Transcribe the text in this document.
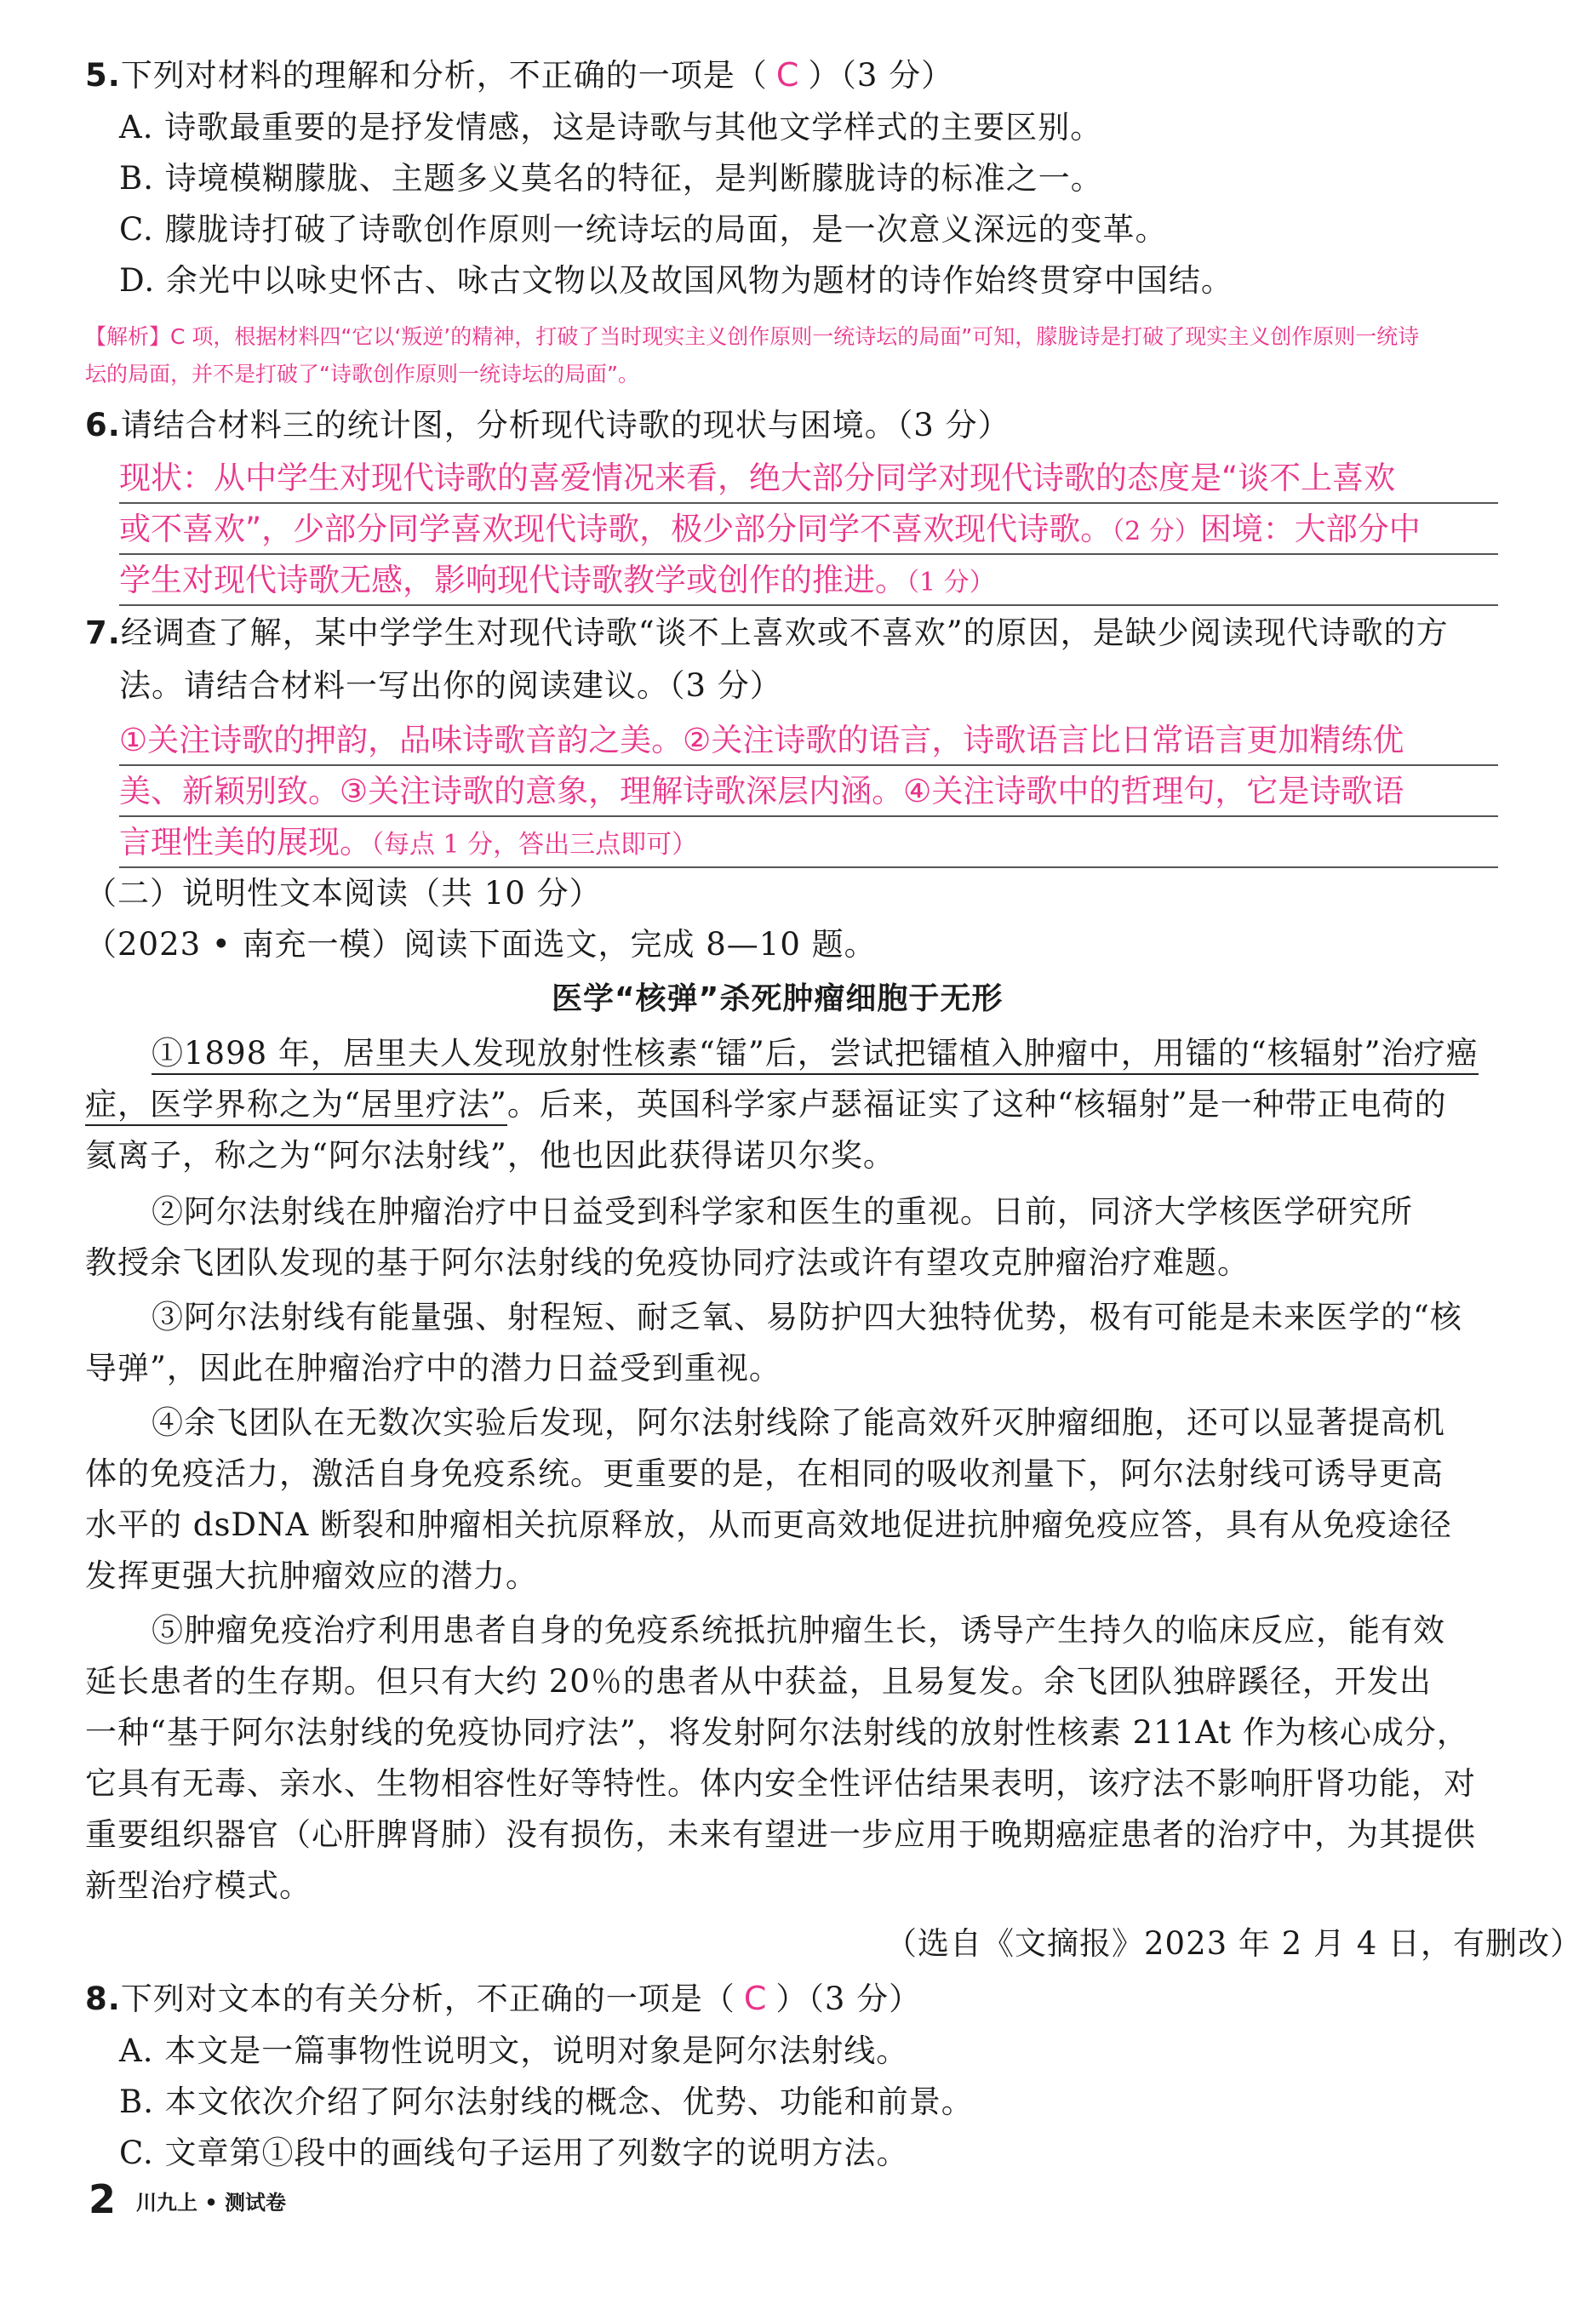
5.下列对材料的理解和分析，不正确的一项是（ C ）（3 分）
A. 诗歌最重要的是抒发情感，这是诗歌与其他文学样式的主要区别。
B. 诗境模糊朦胧、主题多义莫名的特征，是判断朦胧诗的标准之一。
C. 朦胧诗打破了诗歌创作原则一统诗坛的局面，是一次意义深远的变革。
D. 余光中以咏史怀古、咏古文物以及故国风物为题材的诗作始终贯穿中国结。
【解析】C 项，根据材料四“它以‘叛逆’的精神，打破了当时现实主义创作原则一统诗坛的局面”可知，朦胧诗是打破了现实主义创作原则一统诗
坛的局面，并不是打破了“诗歌创作原则一统诗坛的局面”。
6.请结合材料三的统计图，分析现代诗歌的现状与困境。（3 分）
现状：从中学生对现代诗歌的喜爱情况来看，绝大部分同学对现代诗歌的态度是“谈不上喜欢
或不喜欢”，少部分同学喜欢现代诗歌，极少部分同学不喜欢现代诗歌。（2 分）困境：大部分中
学生对现代诗歌无感，影响现代诗歌教学或创作的推进。（1 分）
7.经调查了解，某中学学生对现代诗歌“谈不上喜欢或不喜欢”的原因，是缺少阅读现代诗歌的方
法。请结合材料一写出你的阅读建议。（3 分）
①关注诗歌的押韵，品味诗歌音韵之美。②关注诗歌的语言，诗歌语言比日常语言更加精练优
美、新颖别致。③关注诗歌的意象，理解诗歌深层内涵。④关注诗歌中的哲理句，它是诗歌语
言理性美的展现。（每点 1 分，答出三点即可）
（二）说明性文本阅读（共 10 分）
（2023 • 南充一模）阅读下面选文，完成 8—10 题。
医学“核弹”杀死肿瘤细胞于无形
①1898 年，居里夫人发现放射性核素“镭”后，尝试把镭植入肿瘤中，用镭的“核辐射”治疗癌
症，医学界称之为“居里疗法”。后来，英国科学家卢瑟福证实了这种“核辐射”是一种带正电荷的
氦离子，称之为“阿尔法射线”，他也因此获得诺贝尔奖。
②阿尔法射线在肿瘤治疗中日益受到科学家和医生的重视。日前，同济大学核医学研究所
教授余飞团队发现的基于阿尔法射线的免疫协同疗法或许有望攻克肿瘤治疗难题。
③阿尔法射线有能量强、射程短、耐乏氧、易防护四大独特优势，极有可能是未来医学的“核
导弹”，因此在肿瘤治疗中的潜力日益受到重视。
④余飞团队在无数次实验后发现，阿尔法射线除了能高效歼灭肿瘤细胞，还可以显著提高机
体的免疫活力，激活自身免疫系统。更重要的是，在相同的吸收剂量下，阿尔法射线可诱导更高
水平的 dsDNA 断裂和肿瘤相关抗原释放，从而更高效地促进抗肿瘤免疫应答，具有从免疫途径
发挥更强大抗肿瘤效应的潜力。
⑤肿瘤免疫治疗利用患者自身的免疫系统抵抗肿瘤生长，诱导产生持久的临床反应，能有效
延长患者的生存期。但只有大约 20％的患者从中获益，且易复发。余飞团队独辟蹊径，开发出
一种“基于阿尔法射线的免疫协同疗法”，将发射阿尔法射线的放射性核素 211At 作为核心成分，
它具有无毒、亲水、生物相容性好等特性。体内安全性评估结果表明，该疗法不影响肝肾功能，对
重要组织器官（心肝脾肾肺）没有损伤，未来有望进一步应用于晚期癌症患者的治疗中，为其提供
新型治疗模式。
（选自《文摘报》2023 年 2 月 4 日，有删改）
8.下列对文本的有关分析，不正确的一项是（ C ）（3 分）
A. 本文是一篇事物性说明文，说明对象是阿尔法射线。
B. 本文依次介绍了阿尔法射线的概念、优势、功能和前景。
C. 文章第①段中的画线句子运用了列数字的说明方法。
2 川九上 • 测试卷
